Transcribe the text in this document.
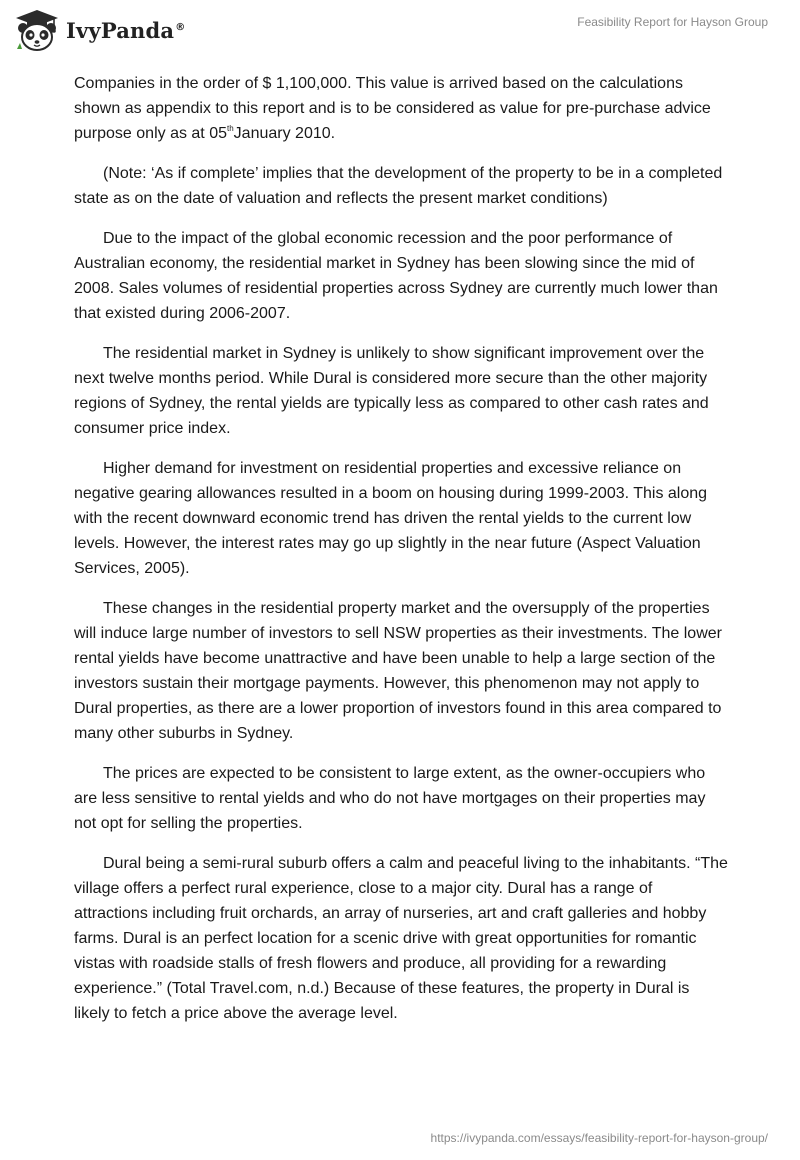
IvyPanda®	Feasibility Report for Hayson Group

Companies in the order of $ 1,100,000. This value is arrived based on the calculations shown as appendix to this report and is to be considered as value for pre-purchase advice purpose only as at 05thJanuary 2010.

(Note: ‘As if complete’ implies that the development of the property to be in a completed state as on the date of valuation and reflects the present market conditions)

Due to the impact of the global economic recession and the poor performance of Australian economy, the residential market in Sydney has been slowing since the mid of 2008. Sales volumes of residential properties across Sydney are currently much lower than that existed during 2006-2007.

The residential market in Sydney is unlikely to show significant improvement over the next twelve months period. While Dural is considered more secure than the other majority regions of Sydney, the rental yields are typically less as compared to other cash rates and consumer price index.

Higher demand for investment on residential properties and excessive reliance on negative gearing allowances resulted in a boom on housing during 1999-2003. This along with the recent downward economic trend has driven the rental yields to the current low levels. However, the interest rates may go up slightly in the near future (Aspect Valuation Services, 2005).

These changes in the residential property market and the oversupply of the properties will induce large number of investors to sell NSW properties as their investments. The lower rental yields have become unattractive and have been unable to help a large section of the investors sustain their mortgage payments. However, this phenomenon may not apply to Dural properties, as there are a lower proportion of investors found in this area compared to many other suburbs in Sydney.

The prices are expected to be consistent to large extent, as the owner-occupiers who are less sensitive to rental yields and who do not have mortgages on their properties may not opt for selling the properties.

Dural being a semi-rural suburb offers a calm and peaceful living to the inhabitants. “The village offers a perfect rural experience, close to a major city. Dural has a range of attractions including fruit orchards, an array of nurseries, art and craft galleries and hobby farms. Dural is an perfect location for a scenic drive with great opportunities for romantic vistas with roadside stalls of fresh flowers and produce, all providing for a rewarding experience.” (Total Travel.com, n.d.) Because of these features, the property in Dural is likely to fetch a price above the average level.

https://ivypanda.com/essays/feasibility-report-for-hayson-group/
